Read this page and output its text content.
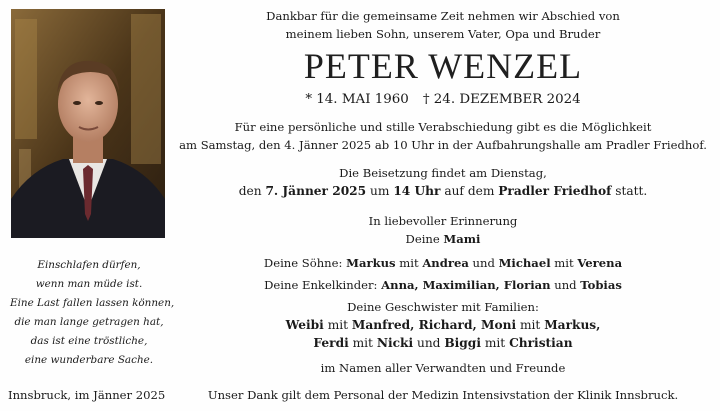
Einschlafen dürfen,
wenn man müde ist.
Eine Last fallen lassen können,
die man lange getragen hat,
das ist eine tröstliche,
eine wunderbare Sache.
Innsbruck, im Jänner 2025
Dankbar für die gemeinsame Zeit nehmen wir Abschied von
meinem lieben Sohn, unserem Vater, Opa und Bruder
PETER WENZEL
* 14. MAI 1960 † 24. DEZEMBER 2024
Für eine persönliche und stille Verabschiedung gibt es die Möglichkeit
am Samstag, den 4. Jänner 2025 ab 10 Uhr in der Aufbahrungshalle am Pradler Friedhof.
Die Beisetzung findet am Dienstag,
den 7. Jänner 2025 um 14 Uhr auf dem Pradler Friedhof statt.
In liebevoller Erinnerung
Deine Mami
Deine Söhne: Markus mit Andrea und Michael mit Verena
Deine Enkelkinder: Anna, Maximilian, Florian und Tobias
Deine Geschwister mit Familien:
Weibi mit Manfred, Richard, Moni mit Markus,
Ferdi mit Nicki und Biggi mit Christian
im Namen aller Verwandten und Freunde
Unser Dank gilt dem Personal der Medizin Intensivstation der Klinik Innsbruck.
